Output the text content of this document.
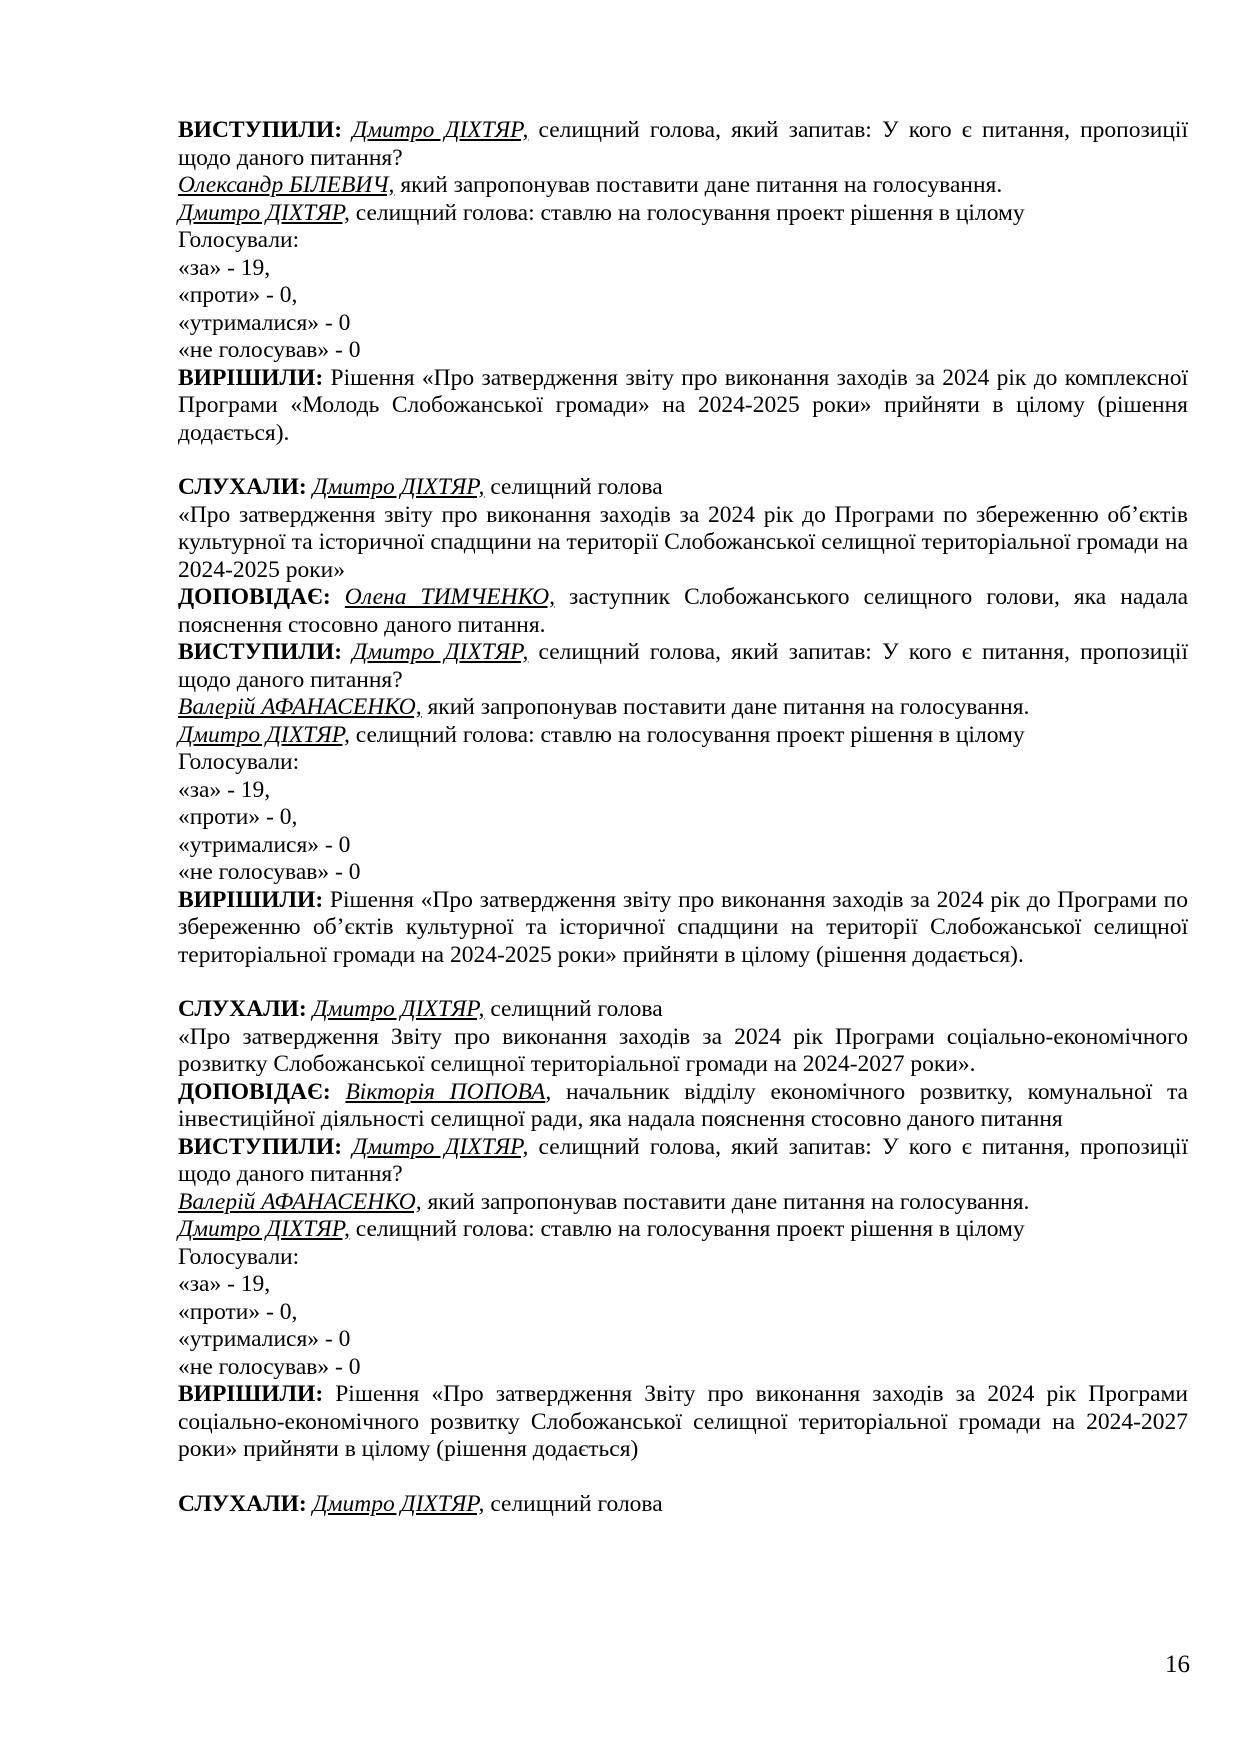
ВИСТУПИЛИ: Дмитро ДІХТЯР, селищний голова, який запитав: У кого є питання, пропозиції щодо даного питання?

Олександр БІЛЕВИЧ, який запропонував поставити дане питання на голосування.

Дмитро ДІХТЯР, селищний голова: ставлю на голосування проект рішення в цілому

Голосували:

«за» - 19,

«проти» - 0,

«утрималися» - 0

«не голосував» - 0

ВИРІШИЛИ: Рішення «Про затвердження звіту про виконання заходів за 2024 рік до комплексної Програми «Молодь Слобожанської громади» на 2024-2025 роки» прийняти в цілому (рішення додається).

СЛУХАЛИ: Дмитро ДІХТЯР, селищний голова

«Про затвердження звіту про виконання заходів за 2024 рік до Програми по збереженню об’єктів культурної та історичної спадщини на території Слобожанської селищної територіальної громади на 2024-2025 роки»

ДОПОВІДАЄ: Олена ТИМЧЕНКО, заступник Слобожанського селищного голови, яка надала пояснення стосовно даного питання.

ВИСТУПИЛИ: Дмитро ДІХТЯР, селищний голова, який запитав: У кого є питання, пропозиції щодо даного питання?

Валерій АФАНАСЕНКО, який запропонував поставити дане питання на голосування.

Дмитро ДІХТЯР, селищний голова: ставлю на голосування проект рішення в цілому

Голосували:

«за» - 19,

«проти» - 0,

«утрималися» - 0

«не голосував» - 0

ВИРІШИЛИ: Рішення «Про затвердження звіту про виконання заходів за 2024 рік до Програми по збереженню об’єктів культурної та історичної спадщини на території Слобожанської селищної територіальної громади на 2024-2025 роки» прийняти в цілому (рішення додається).

СЛУХАЛИ: Дмитро ДІХТЯР, селищний голова

«Про затвердження Звіту про виконання заходів за 2024 рік Програми соціально-економічного розвитку Слобожанської селищної територіальної громади на 2024-2027 роки».

ДОПОВІДАЄ: Вікторія ПОПОВА, начальник відділу економічного розвитку, комунальної та інвестиційної діяльності селищної ради, яка надала пояснення стосовно даного питання

ВИСТУПИЛИ: Дмитро ДІХТЯР, селищний голова, який запитав: У кого є питання, пропозиції щодо даного питання?

Валерій АФАНАСЕНКО, який запропонував поставити дане питання на голосування.

Дмитро ДІХТЯР, селищний голова: ставлю на голосування проект рішення в цілому

Голосували:

«за» - 19,

«проти» - 0,

«утрималися» - 0

«не голосував» - 0

ВИРІШИЛИ: Рішення «Про затвердження Звіту про виконання заходів за 2024 рік Програми соціально-економічного розвитку Слобожанської селищної територіальної громади на 2024-2027 роки» прийняти в цілому (рішення додається)

СЛУХАЛИ: Дмитро ДІХТЯР, селищний голова

16
